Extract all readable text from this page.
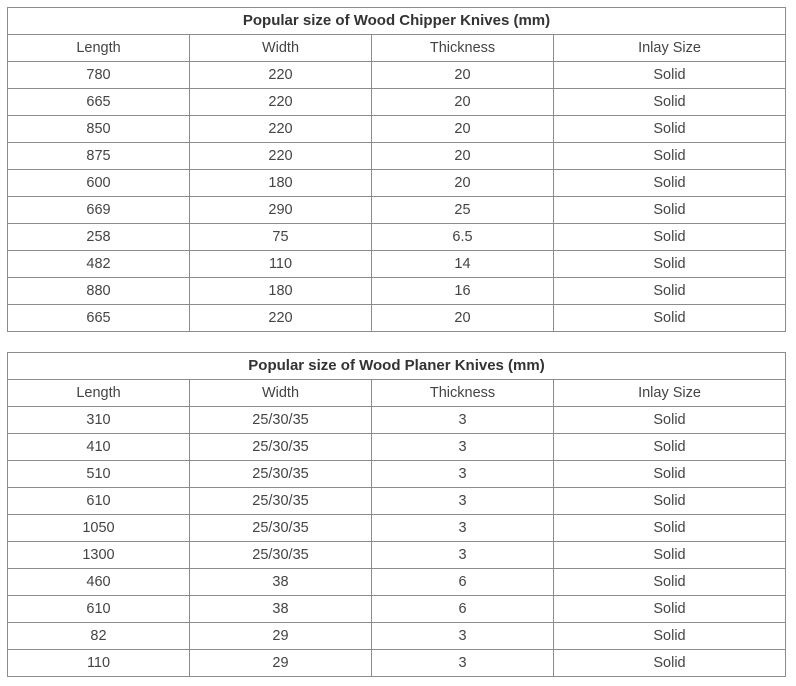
Popular size of Wood Chipper Knives (mm)			
Length	Width	Thickness	Inlay Size
780	220	20	Solid
665	220	20	Solid
850	220	20	Solid
875	220	20	Solid
600	180	20	Solid
669	290	25	Solid
258	75	6.5	Solid
482	110	14	Solid
880	180	16	Solid
665	220	20	Solid
Popular size of Wood Planer Knives (mm)			
Length	Width	Thickness	Inlay Size
310	25/30/35	3	Solid
410	25/30/35	3	Solid
510	25/30/35	3	Solid
610	25/30/35	3	Solid
1050	25/30/35	3	Solid
1300	25/30/35	3	Solid
460	38	6	Solid
610	38	6	Solid
82	29	3	Solid
110	29	3	Solid
